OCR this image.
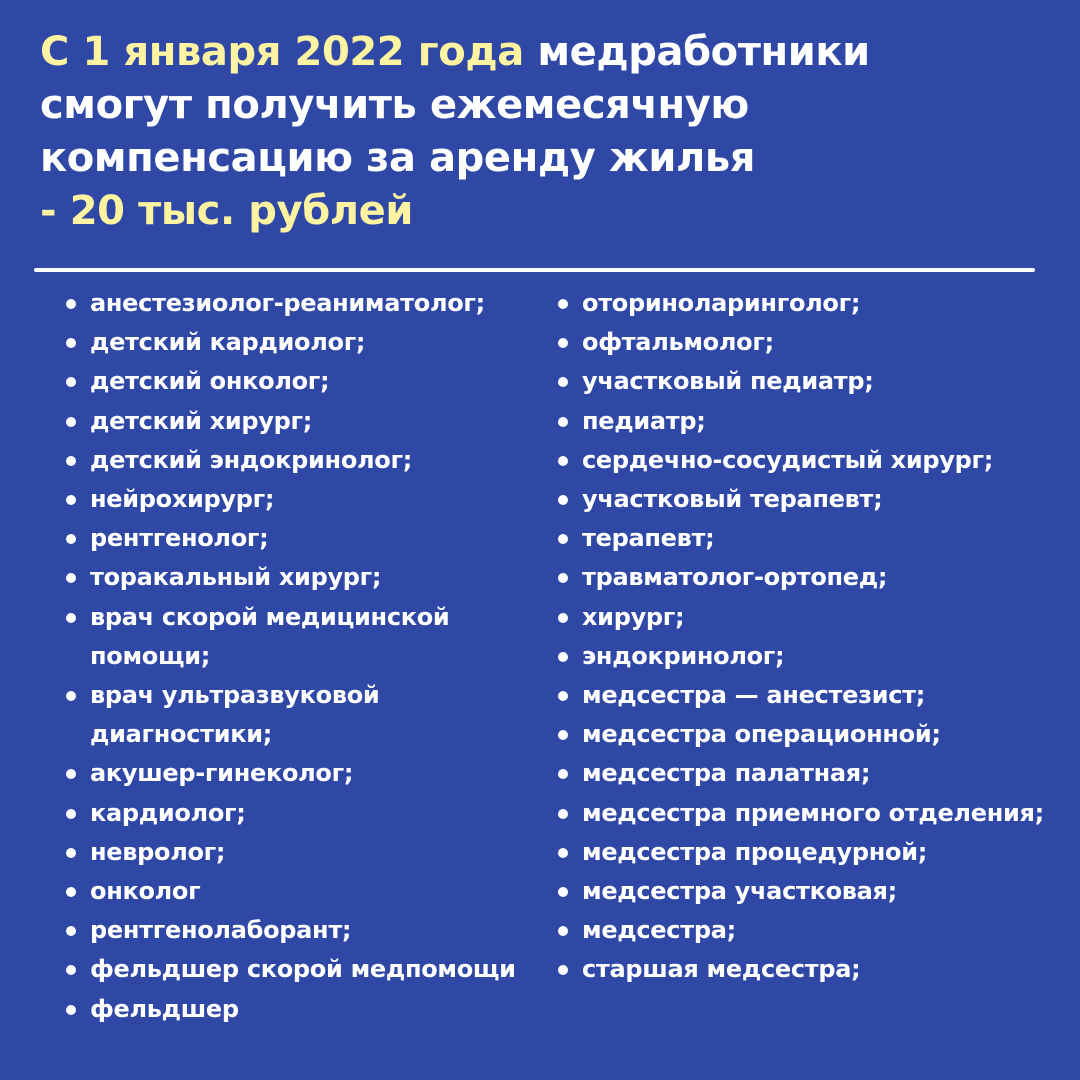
С 1 января 2022 года медработники
смогут получить ежемесячную
компенсацию за аренду жилья
- 20 тыс. рублей
анестезиолог-реаниматолог;
детский кардиолог;
детский онколог;
детский хирург;
детский эндокринолог;
нейрохирург;
рентгенолог;
торакальный хирург;
врач скорой медицинской помощи;
врач ультразвуковой диагностики;
акушер-гинеколог;
кардиолог;
невролог;
онколог
рентгенолаборант;
фельдшер скорой медпомощи
фельдшер
оториноларинголог;
офтальмолог;
участковый педиатр;
педиатр;
сердечно-сосудистый хирург;
участковый терапевт;
терапевт;
травматолог-ортопед;
хирург;
эндокринолог;
медсестра — анестезист;
медсестра операционной;
медсестра палатная;
медсестра приемного отделения;
медсестра процедурной;
медсестра участковая;
медсестра;
старшая медсестра;
